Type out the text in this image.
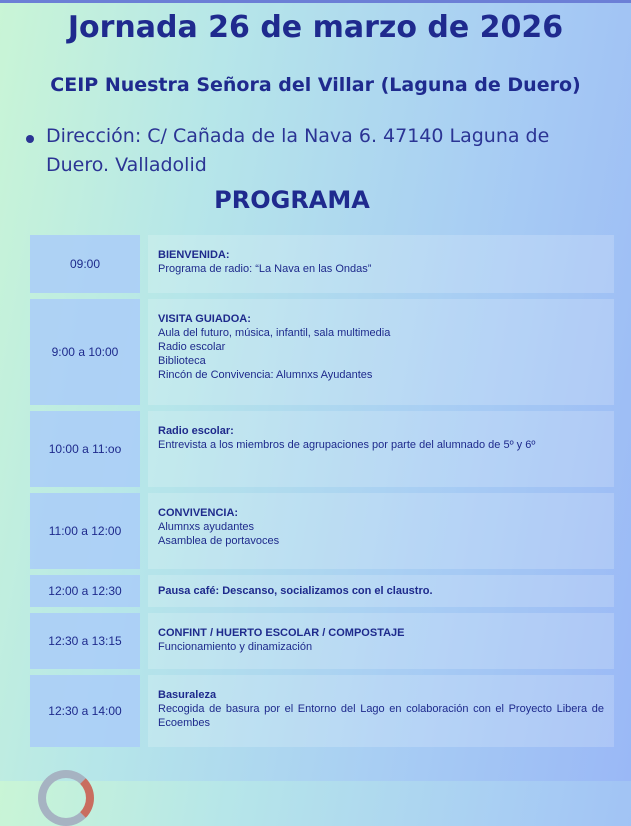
Jornada 26 de marzo de 2026
CEIP Nuestra Señora del Villar (Laguna de Duero)

Dirección: C/ Cañada de la Nava 6. 47140 Laguna de Duero. Valladolid

PROGRAMA
09:00
BIENVENIDA:
Programa de radio: “La Nava en las Ondas”
9:00 a 10:00
VISITA GUIADOA:
Aula del futuro, música, infantil, sala multimedia
Radio escolar
Biblioteca
Rincón de Convivencia: Alumnxs Ayudantes
10:00 a 11:oo
Radio escolar:
Entrevista a los miembros de agrupaciones por parte del alumnado de 5º y 6º
11:00 a 12:00
CONVIVENCIA:
Alumnxs ayudantes
Asamblea de portavoces
12:00 a 12:30	Pausa café: Descanso, socializamos con el claustro.
12:30 a 13:15
CONFINT / HUERTO ESCOLAR / COMPOSTAJE
Funcionamiento y dinamización
12:30 a 14:00
Basuraleza
Recogida de basura por el Entorno del Lago en colaboración con el Proyecto Libera de Ecoembes
